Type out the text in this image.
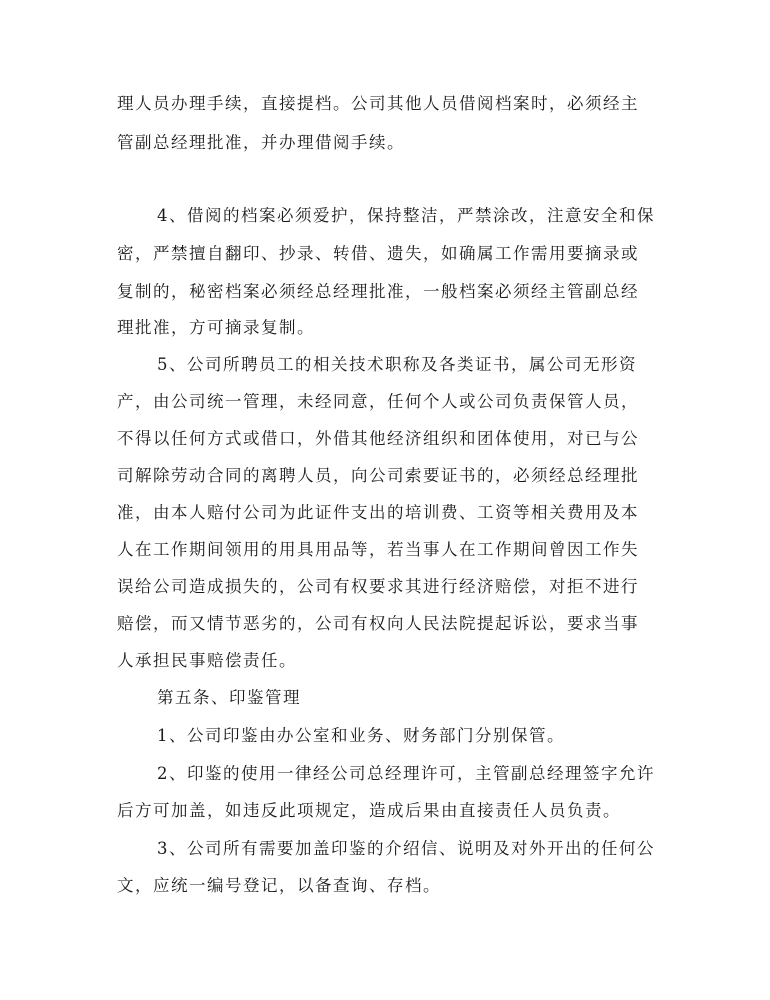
理人员办理手续，直接提档。公司其他人员借阅档案时，必须经主
管副总经理批准，并办理借阅手续。
4、借阅的档案必须爱护，保持整洁，严禁涂改，注意安全和保
密，严禁擅自翻印、抄录、转借、遗失，如确属工作需用要摘录或
复制的，秘密档案必须经总经理批准，一般档案必须经主管副总经
理批准，方可摘录复制。
5、公司所聘员工的相关技术职称及各类证书，属公司无形资
产，由公司统一管理，未经同意，任何个人或公司负责保管人员，
不得以任何方式或借口，外借其他经济组织和团体使用，对已与公
司解除劳动合同的离聘人员，向公司索要证书的，必须经总经理批
准，由本人赔付公司为此证件支出的培训费、工资等相关费用及本
人在工作期间领用的用具用品等，若当事人在工作期间曾因工作失
误给公司造成损失的，公司有权要求其进行经济赔偿，对拒不进行
赔偿，而又情节恶劣的，公司有权向人民法院提起诉讼，要求当事
人承担民事赔偿责任。
第五条、印鉴管理
1、公司印鉴由办公室和业务、财务部门分别保管。
2、印鉴的使用一律经公司总经理许可，主管副总经理签字允许
后方可加盖，如违反此项规定，造成后果由直接责任人员负责。
3、公司所有需要加盖印鉴的介绍信、说明及对外开出的任何公
文，应统一编号登记，以备查询、存档。
